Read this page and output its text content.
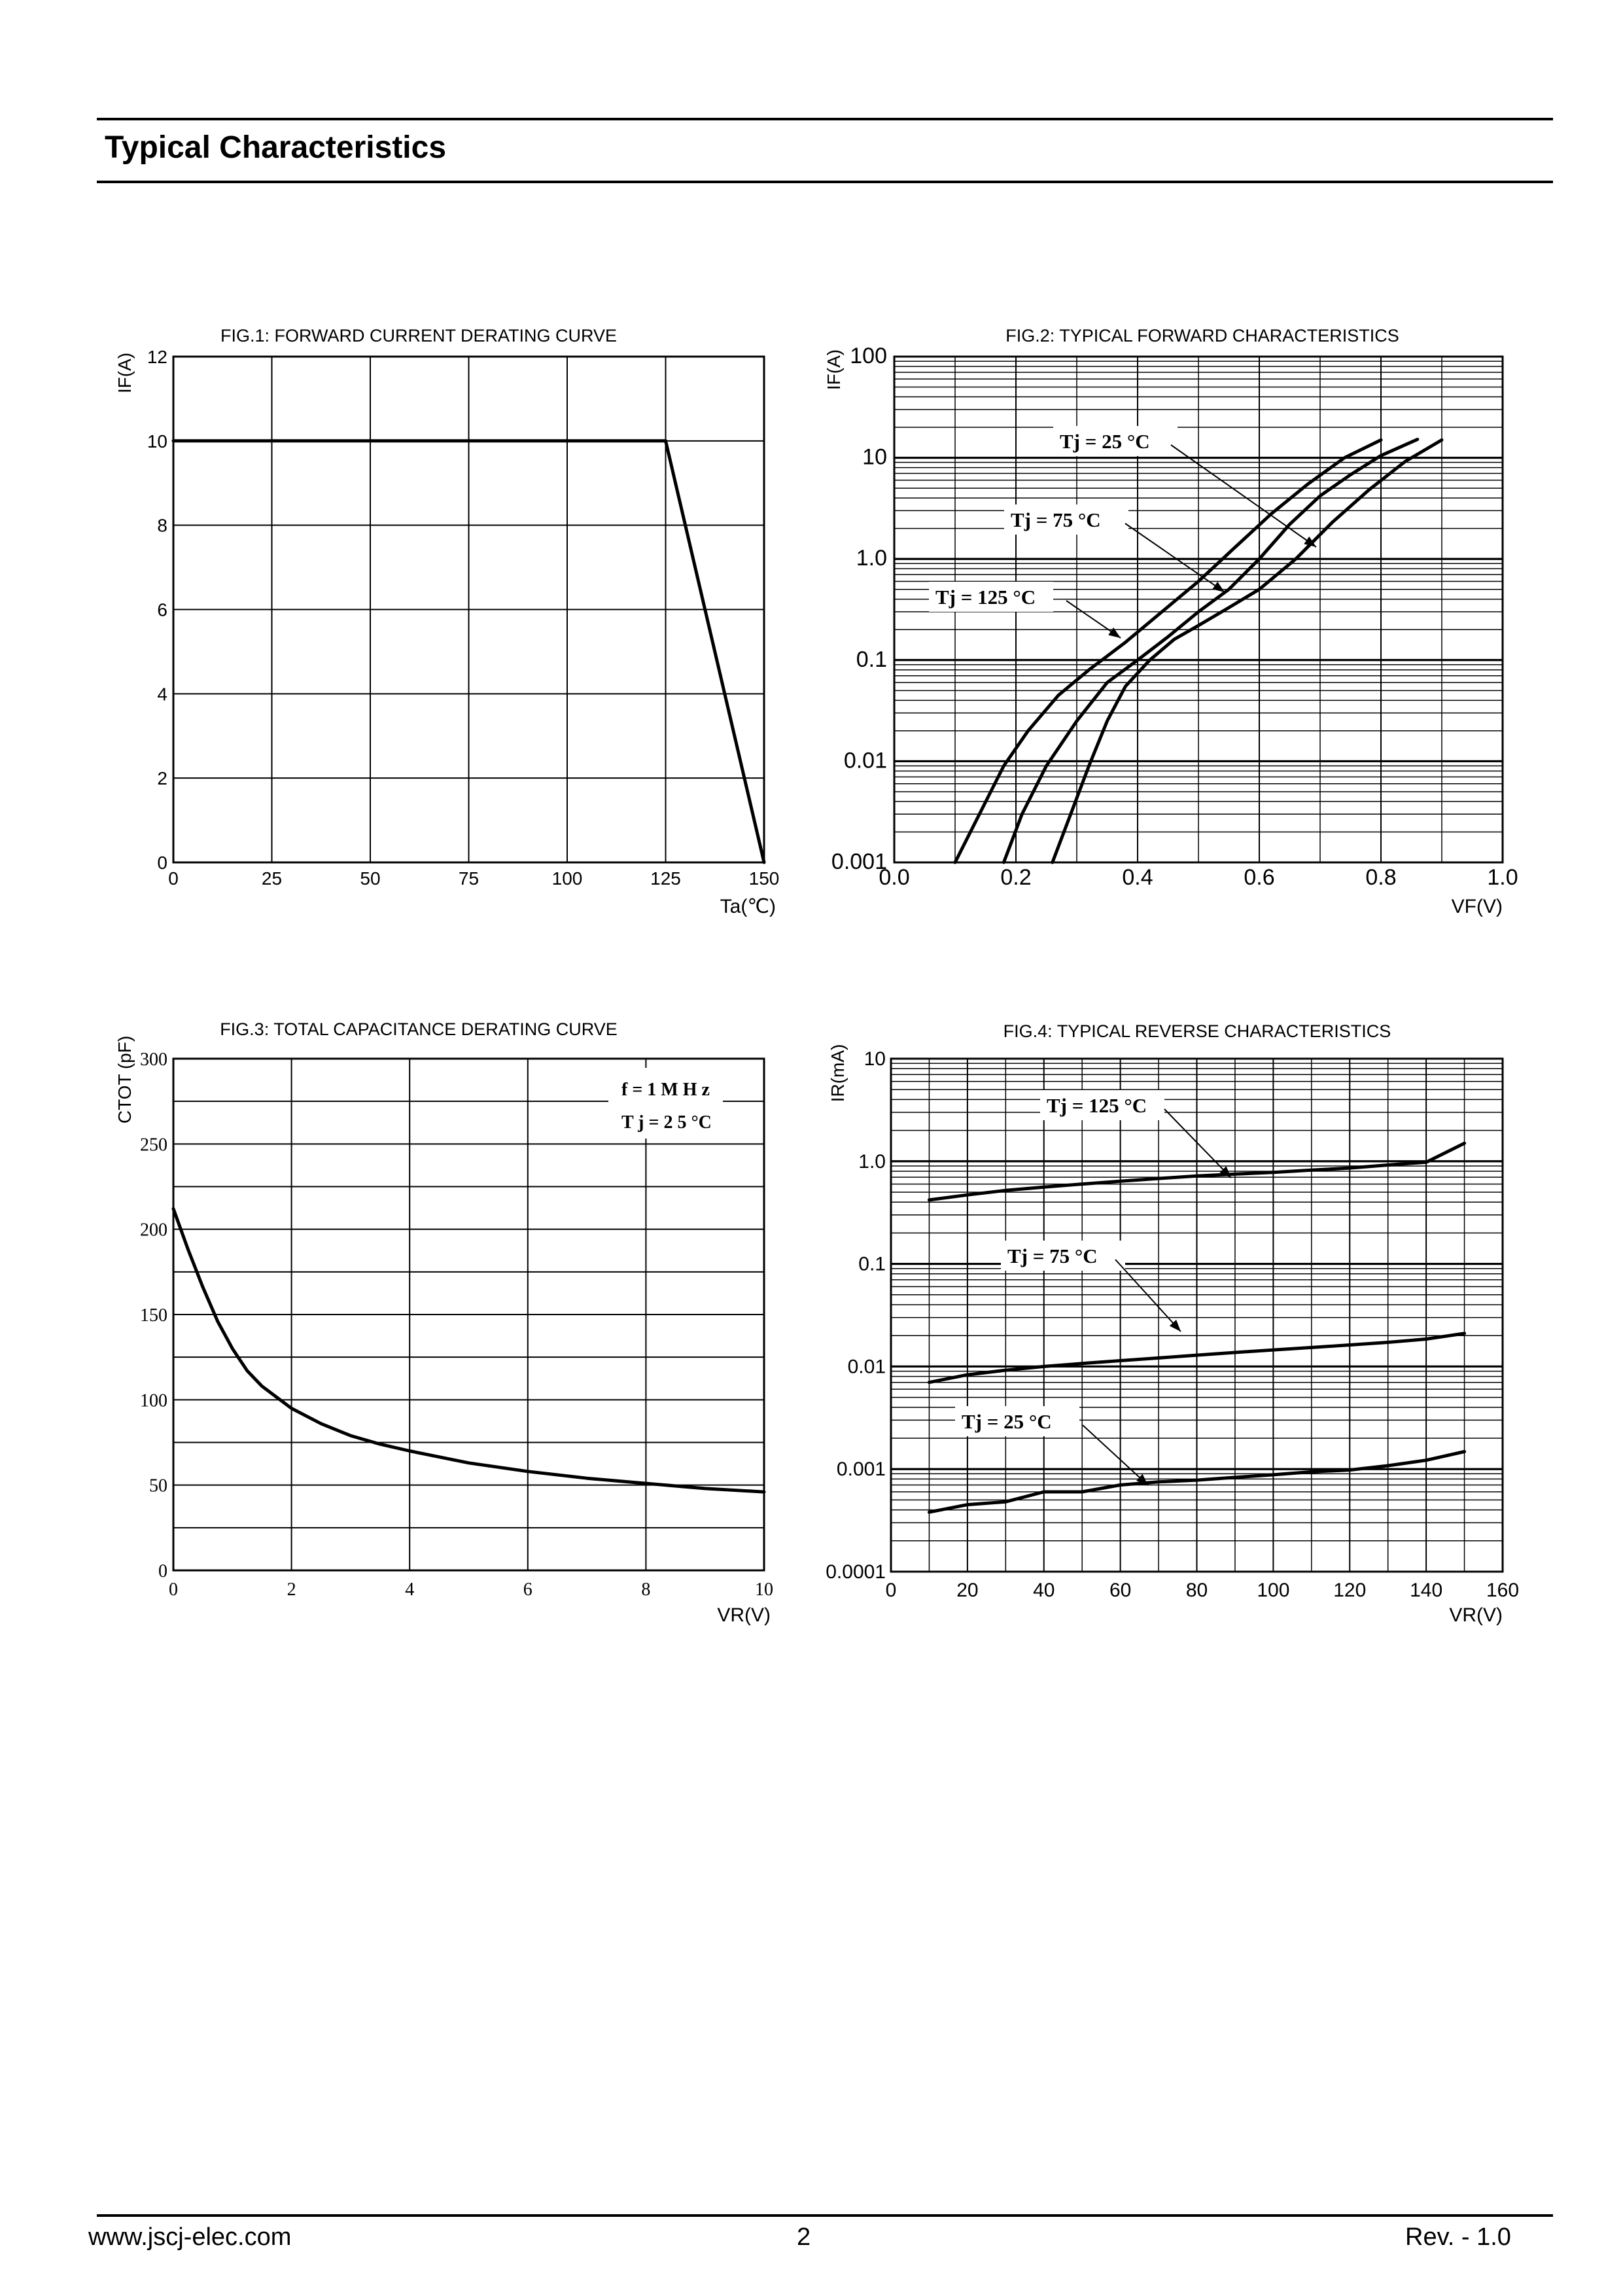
Typical Characteristics
FIG.1: FORWARD CURRENT DERATING CURVE
0	25	50	75	100	125	150
0
2
4
6
8
10
12
Ta(℃)
IF(A)
FIG.2: TYPICAL FORWARD CHARACTERISTICS
0.0	0.2	0.4	0.6	0.8	1.0
0.001
0.01
0.1
1.0
10
100
VF(V)
IF(A)
Tj = 25 °C
Tj = 75 °C
Tj = 125 °C
FIG.3: TOTAL CAPACITANCE DERATING CURVE
0	2	4	6	8	10
0
50
100
150
200
250
300
VR(V)
CTOT (pF)	f = 1 M H z
T j = 2 5 °C
FIG.4: TYPICAL REVERSE CHARACTERISTICS
0	20	40	60	80	100 120 140 160
0.0001
0.001
0.01
0.1
1.0
10
VR(V)
IR(mA)
Tj = 125 °C
Tj = 75 °C
Tj = 25 °C
www.jscj-elec.com	2	Rev. - 1.0
